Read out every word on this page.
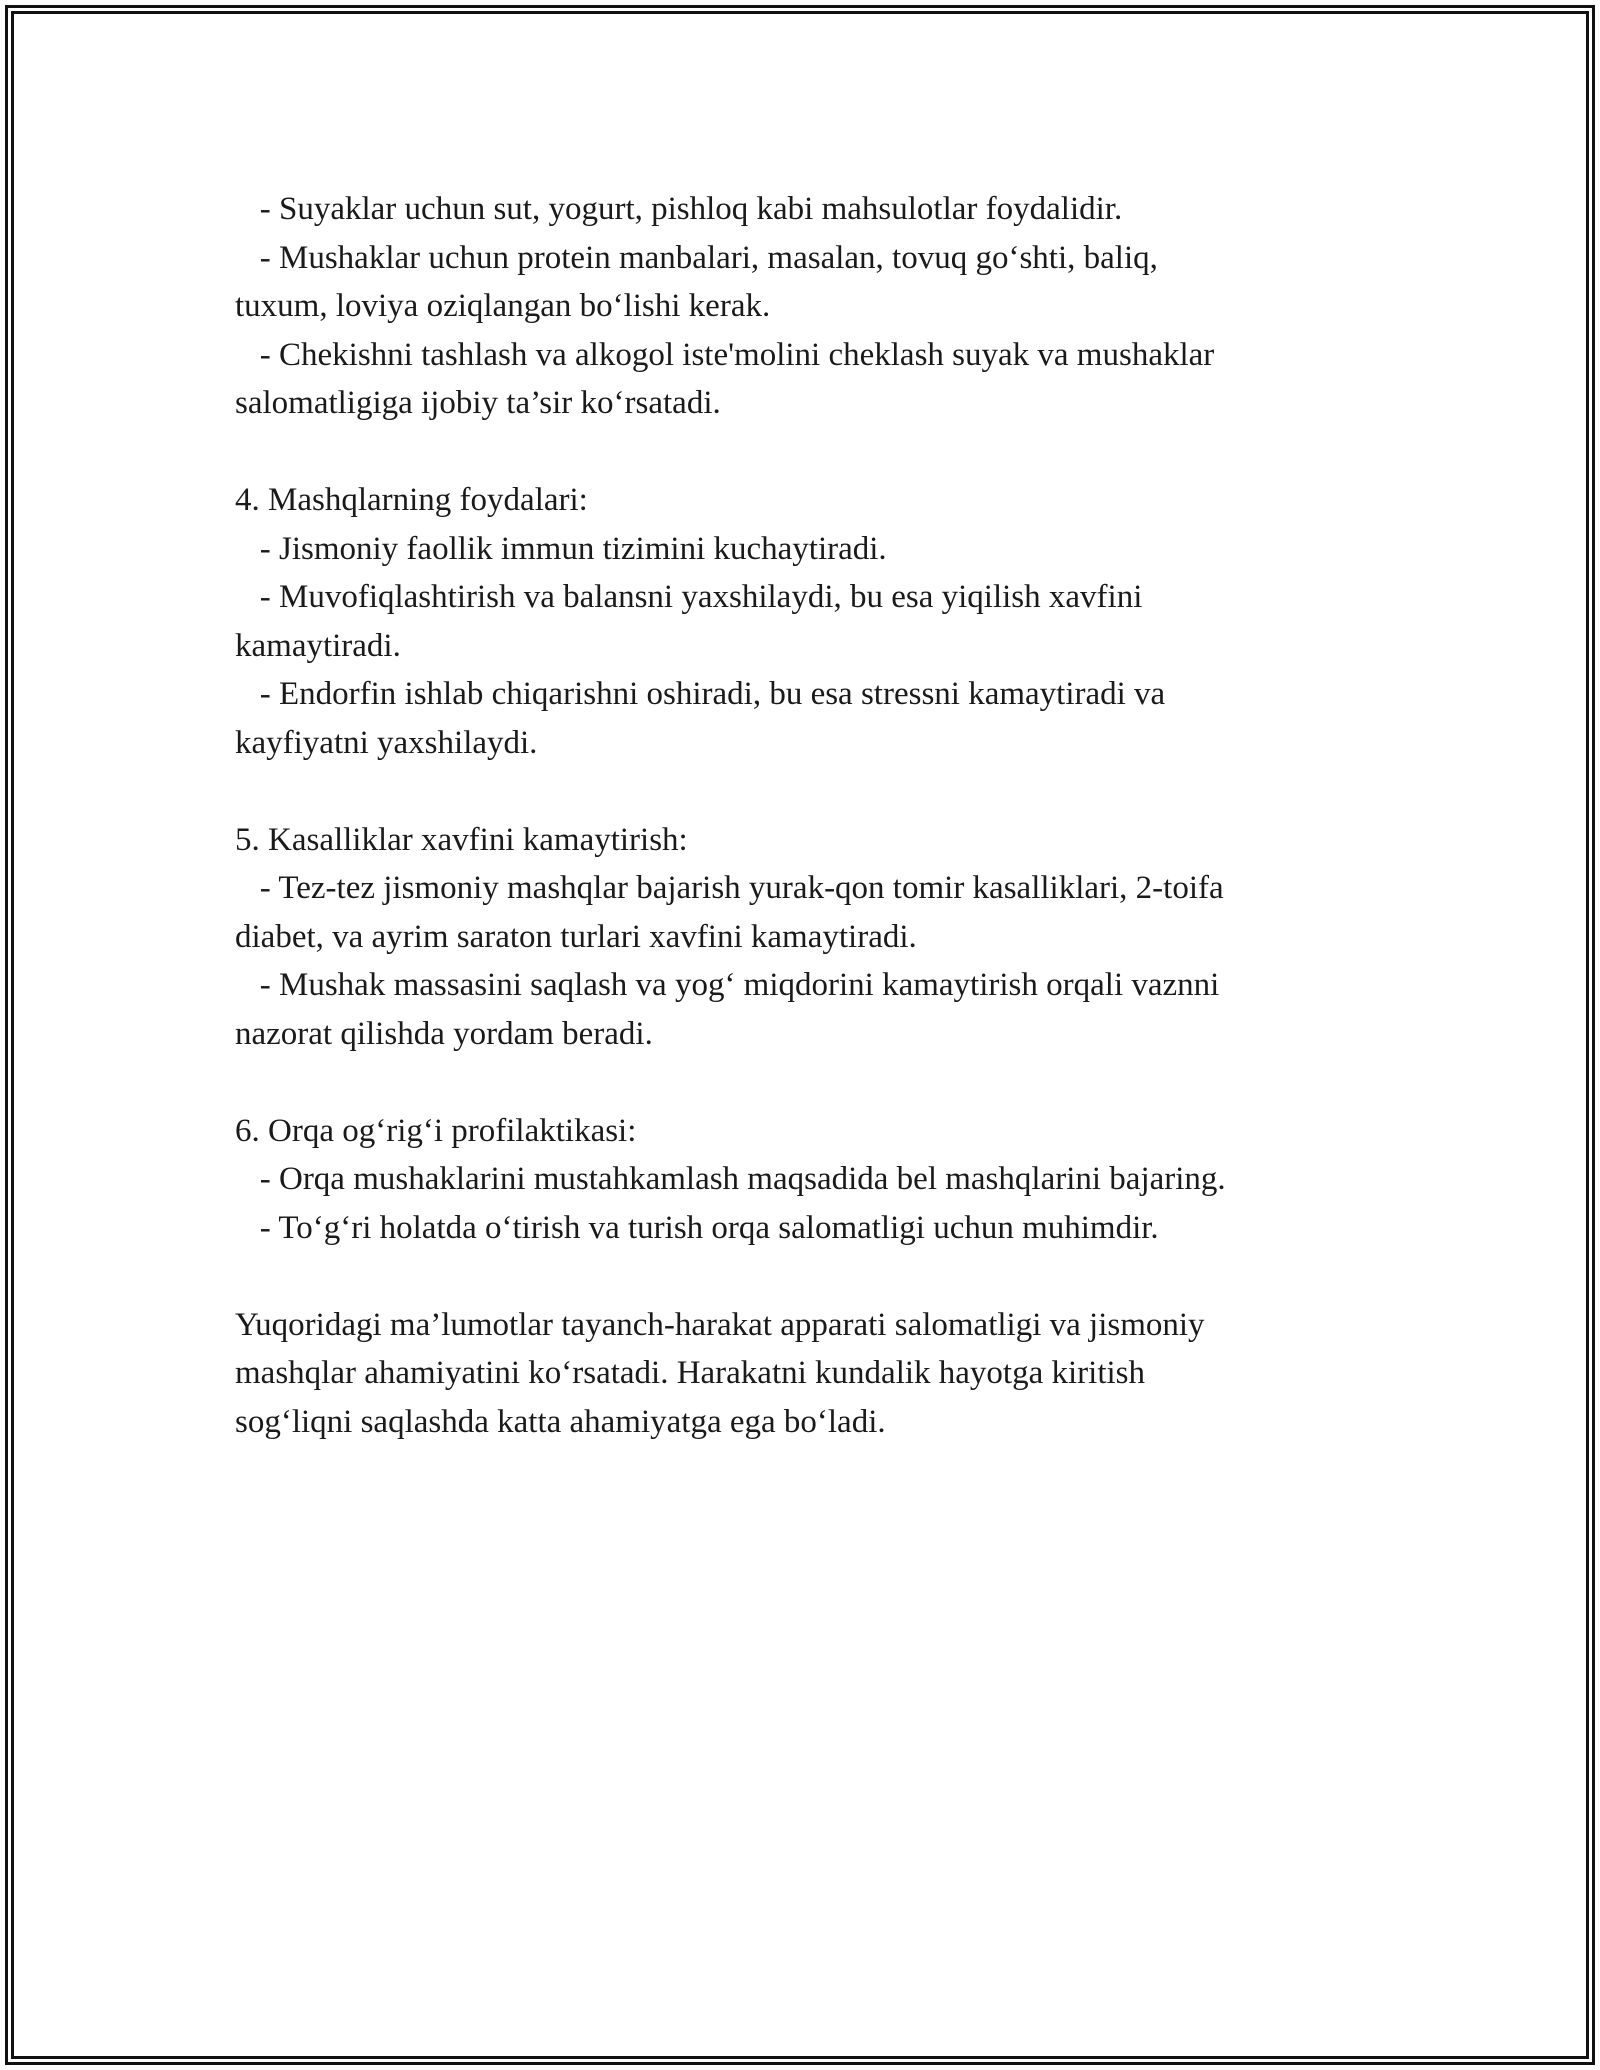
- Suyaklar uchun sut, yogurt, pishloq kabi mahsulotlar foydalidir.
- Mushaklar uchun protein manbalari, masalan, tovuq go‘shti, baliq,
tuxum, loviya oziqlangan bo‘lishi kerak.
- Chekishni tashlash va alkogol iste'molini cheklash suyak va mushaklar
salomatligiga ijobiy ta’sir ko‘rsatadi.
4. Mashqlarning foydalari:
- Jismoniy faollik immun tizimini kuchaytiradi.
- Muvofiqlashtirish va balansni yaxshilaydi, bu esa yiqilish xavfini
kamaytiradi.
- Endorfin ishlab chiqarishni oshiradi, bu esa stressni kamaytiradi va
kayfiyatni yaxshilaydi.
5. Kasalliklar xavfini kamaytirish:
- Tez-tez jismoniy mashqlar bajarish yurak-qon tomir kasalliklari, 2-toifa
diabet, va ayrim saraton turlari xavfini kamaytiradi.
- Mushak massasini saqlash va yog‘ miqdorini kamaytirish orqali vaznni
nazorat qilishda yordam beradi.
6. Orqa og‘rig‘i profilaktikasi:
- Orqa mushaklarini mustahkamlash maqsadida bel mashqlarini bajaring.
- To‘g‘ri holatda o‘tirish va turish orqa salomatligi uchun muhimdir.
Yuqoridagi ma’lumotlar tayanch-harakat apparati salomatligi va jismoniy
mashqlar ahamiyatini ko‘rsatadi. Harakatni kundalik hayotga kiritish
sog‘liqni saqlashda katta ahamiyatga ega bo‘ladi.
